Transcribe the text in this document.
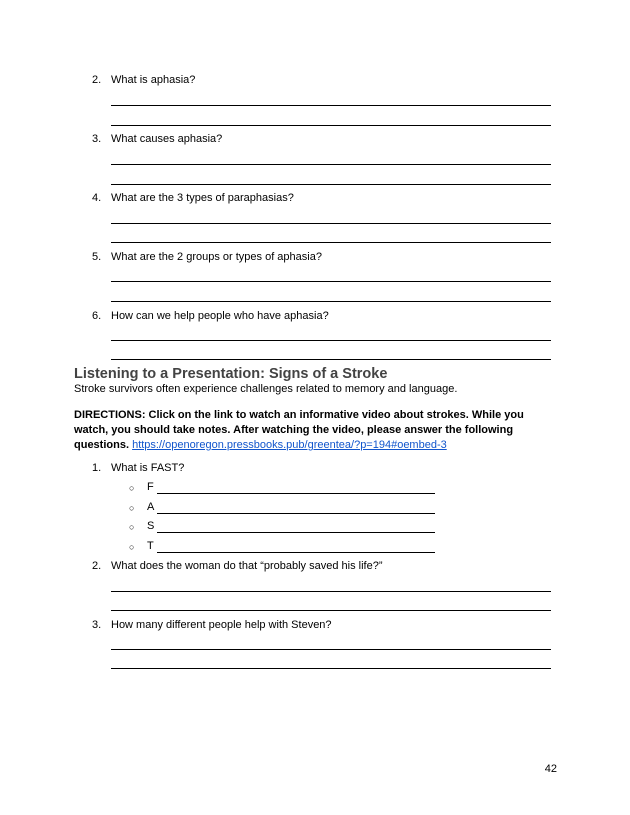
2. What is aphasia?
3. What causes aphasia?
4. What are the 3 types of paraphasias?
5. What are the 2 groups or types of aphasia?
6. How can we help people who have aphasia?
Listening to a Presentation: Signs of a Stroke
Stroke survivors often experience challenges related to memory and language.
DIRECTIONS: Click on the link to watch an informative video about strokes. While you watch, you should take notes. After watching the video, please answer the following questions. https://openoregon.pressbooks.pub/greentea/?p=194#oembed-3
1. What is FAST?
○ F
○ A
○ S
○ T
2. What does the woman do that “probably saved his life?”
3. How many different people help with Steven?
42
